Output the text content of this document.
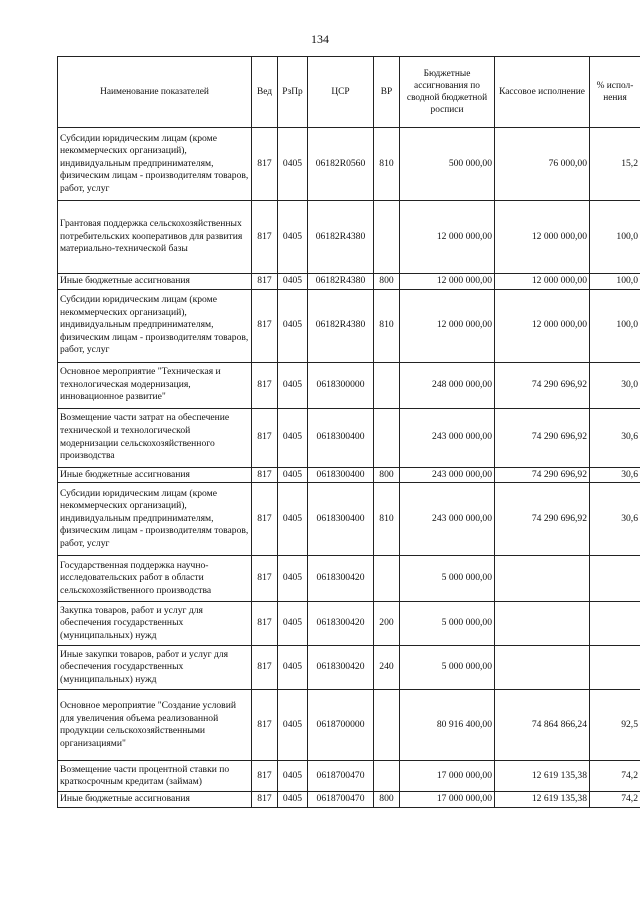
134
Наименование показателей	Вед	РзПр	ЦСР	ВР	Бюджетные ассигнования по сводной бюджетной росписи	Кассовое исполнение	% испол-нения
Субсидии юридическим лицам (кроме некоммерческих организаций), индивидуальным предпринимателям, физическим лицам - производителям товаров, работ, услуг	817	0405	06182R0560	810	500 000,00	76 000,00	15,2
Грантовая поддержка сельскохозяйственных потребительских кооперативов для развития материально-технической базы	817	0405	06182R4380		12 000 000,00	12 000 000,00	100,0
Иные бюджетные ассигнования	817	0405	06182R4380	800	12 000 000,00	12 000 000,00	100,0
Субсидии юридическим лицам (кроме некоммерческих организаций), индивидуальным предпринимателям, физическим лицам - производителям товаров, работ, услуг	817	0405	06182R4380	810	12 000 000,00	12 000 000,00	100,0
Основное мероприятие "Техническая и технологическая модернизация, инновационное развитие"	817	0405	0618300000		248 000 000,00	74 290 696,92	30,0
Возмещение части затрат на обеспечение технической и технологической модернизации сельскохозяйственного производства	817	0405	0618300400		243 000 000,00	74 290 696,92	30,6
Иные бюджетные ассигнования	817	0405	0618300400	800	243 000 000,00	74 290 696,92	30,6
Субсидии юридическим лицам (кроме некоммерческих организаций), индивидуальным предпринимателям, физическим лицам - производителям товаров, работ, услуг	817	0405	0618300400	810	243 000 000,00	74 290 696,92	30,6
Государственная поддержка научно-исследовательских работ в области сельскохозяйственного производства	817	0405	0618300420		5 000 000,00		
Закупка товаров, работ и услуг для обеспечения государственных (муниципальных) нужд	817	0405	0618300420	200	5 000 000,00		
Иные закупки товаров, работ и услуг для обеспечения государственных (муниципальных) нужд	817	0405	0618300420	240	5 000 000,00		
Основное мероприятие "Создание условий для увеличения объема реализованной продукции сельскохозяйственными организациями"	817	0405	0618700000		80 916 400,00	74 864 866,24	92,5
Возмещение части процентной ставки по краткосрочным кредитам (займам)	817	0405	0618700470		17 000 000,00	12 619 135,38	74,2
Иные бюджетные ассигнования	817	0405	0618700470	800	17 000 000,00	12 619 135,38	74,2
